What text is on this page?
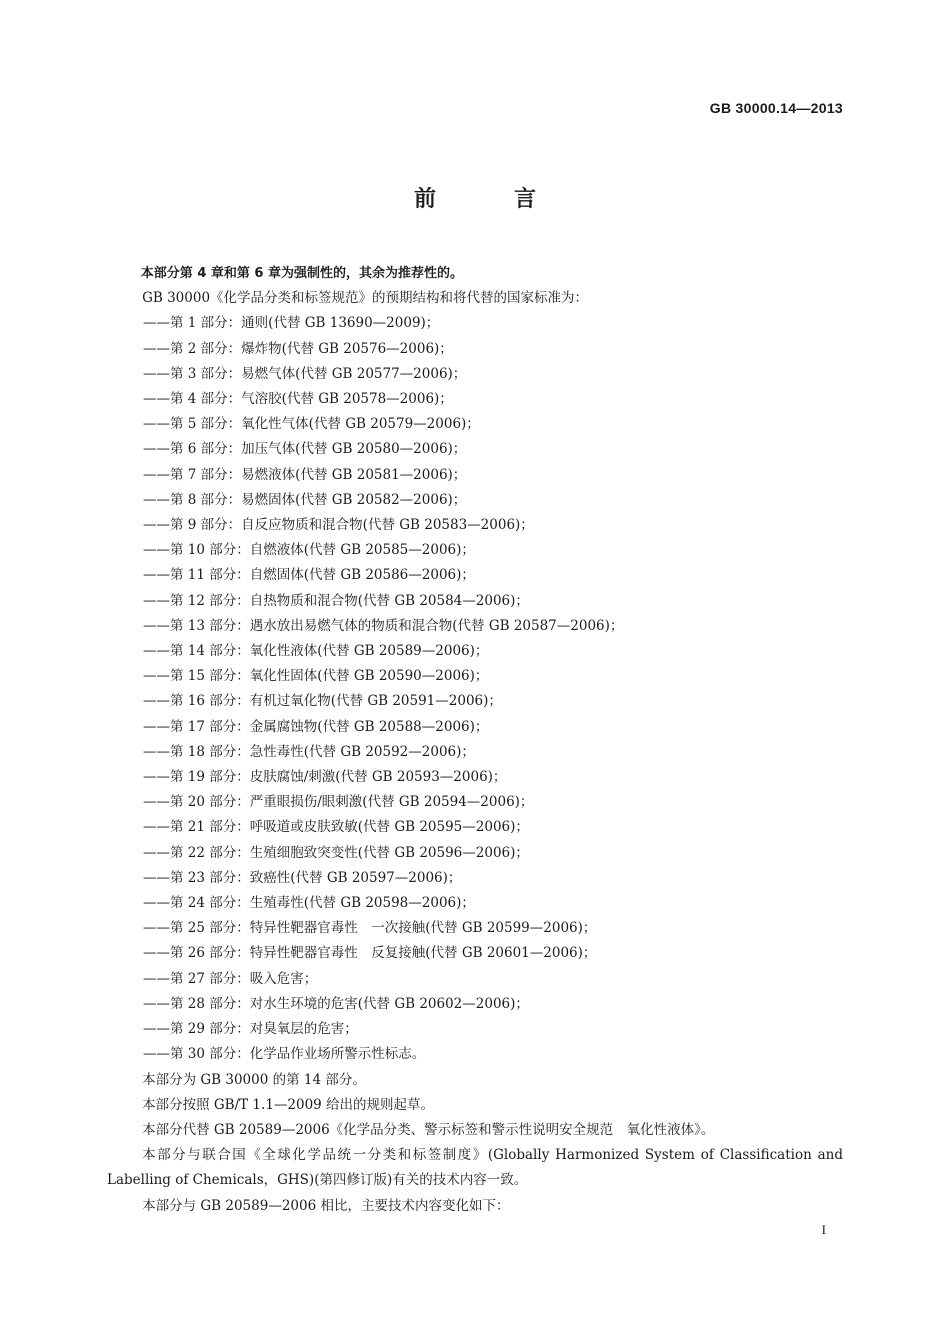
GB 30000.14—2013
前 言

本部分第 4 章和第 6 章为强制性的，其余为推荐性的。

GB 30000《化学品分类和标签规范》的预期结构和将代替的国家标准为：

——第 1 部分：通则(代替 GB 13690—2009)；
——第 2 部分：爆炸物(代替 GB 20576—2006)；
——第 3 部分：易燃气体(代替 GB 20577—2006)；
——第 4 部分：气溶胶(代替 GB 20578—2006)；
——第 5 部分：氧化性气体(代替 GB 20579—2006)；
——第 6 部分：加压气体(代替 GB 20580—2006)；
——第 7 部分：易燃液体(代替 GB 20581—2006)；
——第 8 部分：易燃固体(代替 GB 20582—2006)；
——第 9 部分：自反应物质和混合物(代替 GB 20583—2006)；
——第 10 部分：自燃液体(代替 GB 20585—2006)；
——第 11 部分：自燃固体(代替 GB 20586—2006)；
——第 12 部分：自热物质和混合物(代替 GB 20584—2006)；
——第 13 部分：遇水放出易燃气体的物质和混合物(代替 GB 20587—2006)；
——第 14 部分：氧化性液体(代替 GB 20589—2006)；
——第 15 部分：氧化性固体(代替 GB 20590—2006)；
——第 16 部分：有机过氧化物(代替 GB 20591—2006)；
——第 17 部分：金属腐蚀物(代替 GB 20588—2006)；
——第 18 部分：急性毒性(代替 GB 20592—2006)；
——第 19 部分：皮肤腐蚀/刺激(代替 GB 20593—2006)；
——第 20 部分：严重眼损伤/眼刺激(代替 GB 20594—2006)；
——第 21 部分：呼吸道或皮肤致敏(代替 GB 20595—2006)；
——第 22 部分：生殖细胞致突变性(代替 GB 20596—2006)；
——第 23 部分：致癌性(代替 GB 20597—2006)；
——第 24 部分：生殖毒性(代替 GB 20598—2006)；
——第 25 部分：特异性靶器官毒性　一次接触(代替 GB 20599—2006)；
——第 26 部分：特异性靶器官毒性　反复接触(代替 GB 20601—2006)；
——第 27 部分：吸入危害；
——第 28 部分：对水生环境的危害(代替 GB 20602—2006)；
——第 29 部分：对臭氧层的危害；
——第 30 部分：化学品作业场所警示性标志。

本部分为 GB 30000 的第 14 部分。

本部分按照 GB/T 1.1—2009 给出的规则起草。

本部分代替 GB 20589—2006《化学品分类、警示标签和警示性说明安全规范　氧化性液体》。

本部分与联合国《全球化学品统一分类和标签制度》(Globally Harmonized System of Classification and Labelling of Chemicals，GHS)(第四修订版)有关的技术内容一致。

本部分与 GB 20589—2006 相比，主要技术内容变化如下：

I
